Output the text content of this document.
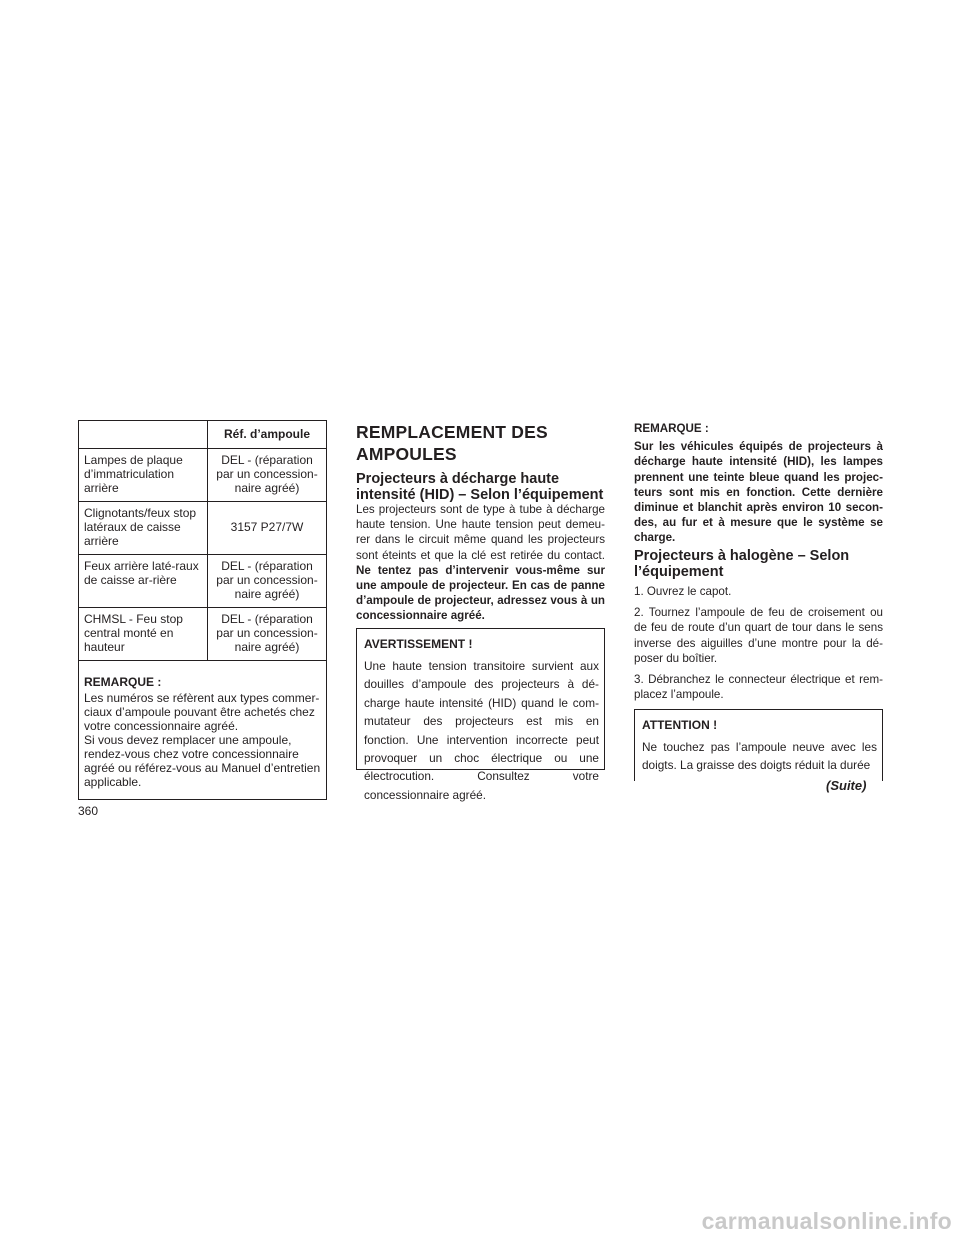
	Réf. d’ampoule
Lampes de plaque d’immatriculation arrière	DEL - (réparation par un concession-naire agréé)
Clignotants/feux stop latéraux de caisse arrière	3157 P27/7W
Feux arrière laté-raux de caisse ar-rière	DEL - (réparation par un concession-naire agréé)
CHMSL - Feu stop central monté en hauteur	DEL - (réparation par un concession-naire agréé)

REMARQUE :
Les numéros se réfèrent aux types commer-ciaux d’ampoule pouvant être achetés chez votre concessionnaire agréé.
Si vous devez remplacer une ampoule, rendez-vous chez votre concessionnaire agréé ou référez-vous au Manuel d’entretien applicable.	
REMPLACEMENT DES AMPOULES
Projecteurs à décharge haute intensité (HID) – Selon l’équipement
Les projecteurs sont de type à tube à décharge haute tension. Une haute tension peut demeu-rer dans le circuit même quand les projecteurs sont éteints et que la clé est retirée du contact. Ne tentez pas d’intervenir vous-même sur une ampoule de projecteur. En cas de panne d’ampoule de projecteur, adressez vous à un concessionnaire agréé.
AVERTISSEMENT !
Une haute tension transitoire survient aux douilles d’ampoule des projecteurs à dé-charge haute intensité (HID) quand le com-mutateur des projecteurs est mis en fonction. Une intervention incorrecte peut provoquer un choc électrique ou une électrocution. Consultez votre concessionnaire agréé.
REMARQUE :
Sur les véhicules équipés de projecteurs à décharge haute intensité (HID), les lampes prennent une teinte bleue quand les projec-teurs sont mis en fonction. Cette dernière diminue et blanchit après environ 10 secon-des, au fur et à mesure que le système se charge.
Projecteurs à halogène – Selon l’équipement

1. Ouvrez le capot.

2. Tournez l’ampoule de feu de croisement ou de feu de route d’un quart de tour dans le sens inverse des aiguilles d’une montre pour la dé-poser du boîtier.

3. Débranchez le connecteur électrique et rem-placez l’ampoule.

ATTENTION !
Ne touchez pas l’ampoule neuve avec les doigts. La graisse des doigts réduit la durée
(Suite)
360
carmanualsonline.info
